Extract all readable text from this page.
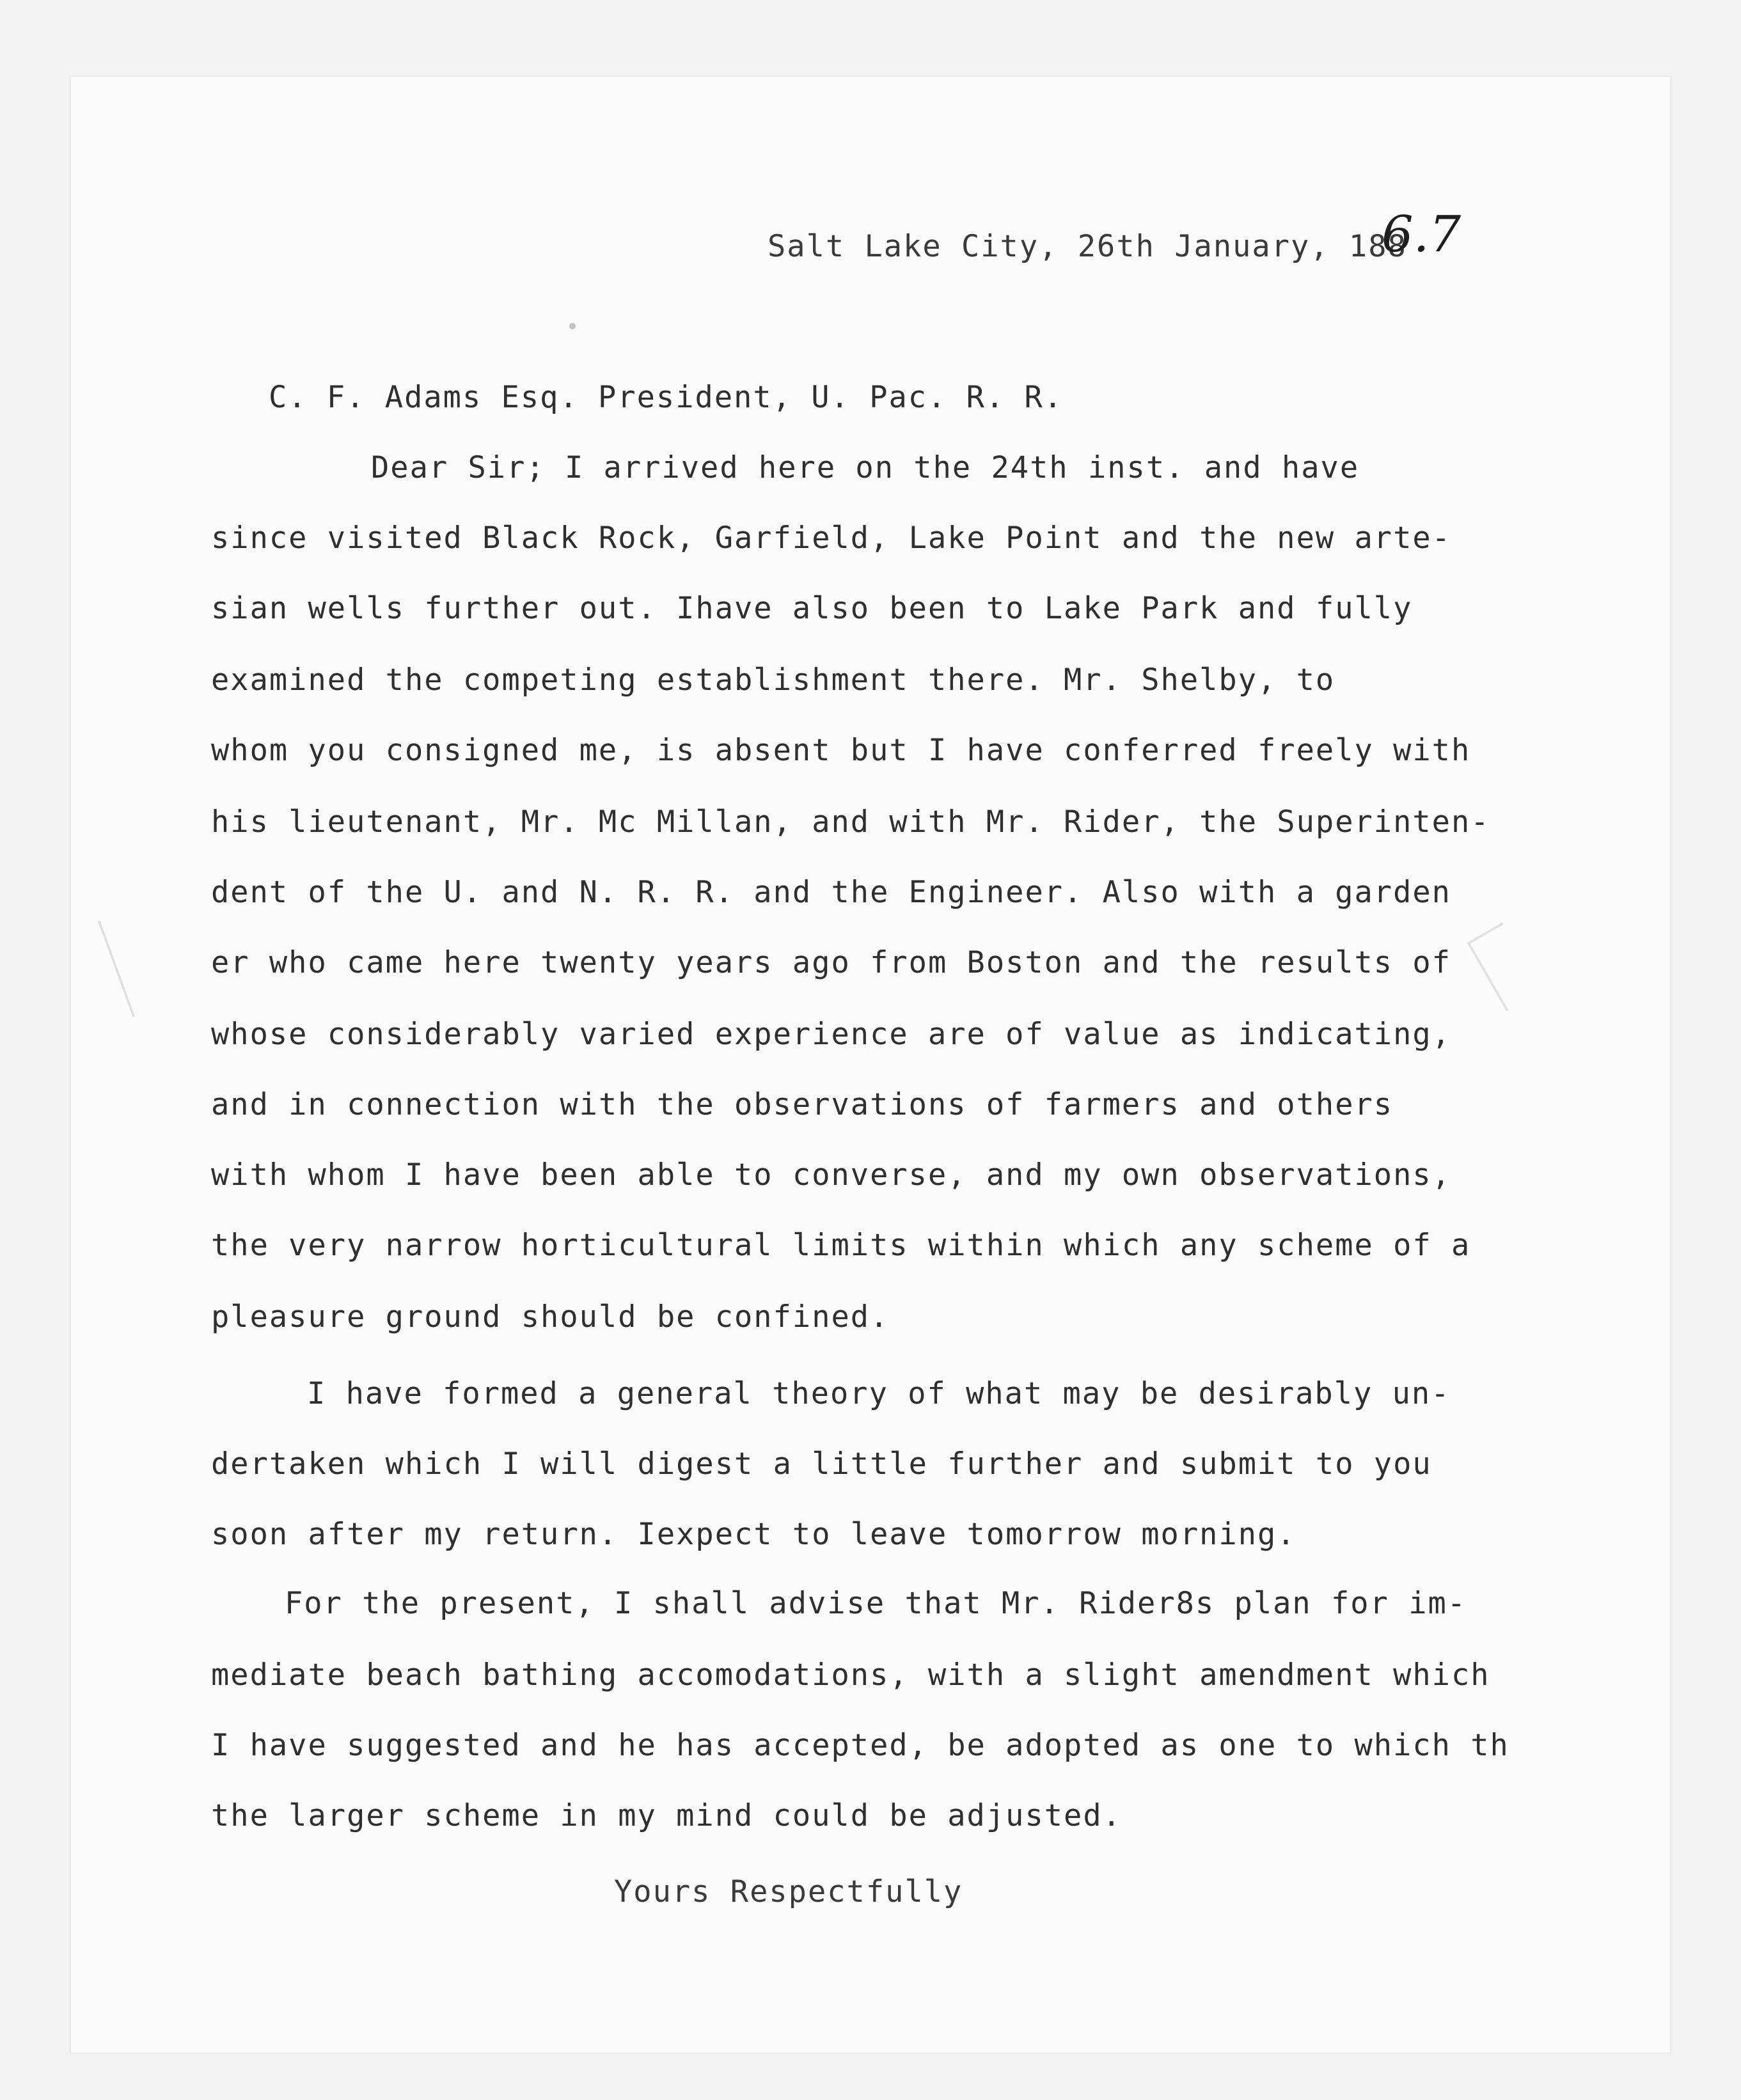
Salt Lake City, 26th January, 188
6.7
C. F. Adams Esq. President, U. Pac. R. R.
Dear Sir; I arrived here on the 24th inst. and have
since visited Black Rock, Garfield, Lake Point and the new arte-
sian wells further out. Ihave also been to Lake Park and fully
examined the competing establishment there. Mr. Shelby, to
whom you consigned me, is absent but I have conferred freely with
his lieutenant, Mr. Mc Millan, and with Mr. Rider, the Superinten-
dent of the U. and N. R. R. and the Engineer. Also with a garden
er who came here twenty years ago from Boston and the results of
whose considerably varied experience are of value as indicating,
and in connection with the observations of farmers and others
with whom I have been able to converse, and my own observations,
the very narrow horticultural limits within which any scheme of a
pleasure ground should be confined.
I have formed a general theory of what may be desirably un-
dertaken which I will digest a little further and submit to you
soon after my return. Iexpect to leave tomorrow morning.
For the present, I shall advise that Mr. Rider8s plan for im-
mediate beach bathing accomodations, with a slight amendment which
I have suggested and he has accepted, be adopted as one to which th
the larger scheme in my mind could be adjusted.
Yours Respectfully
